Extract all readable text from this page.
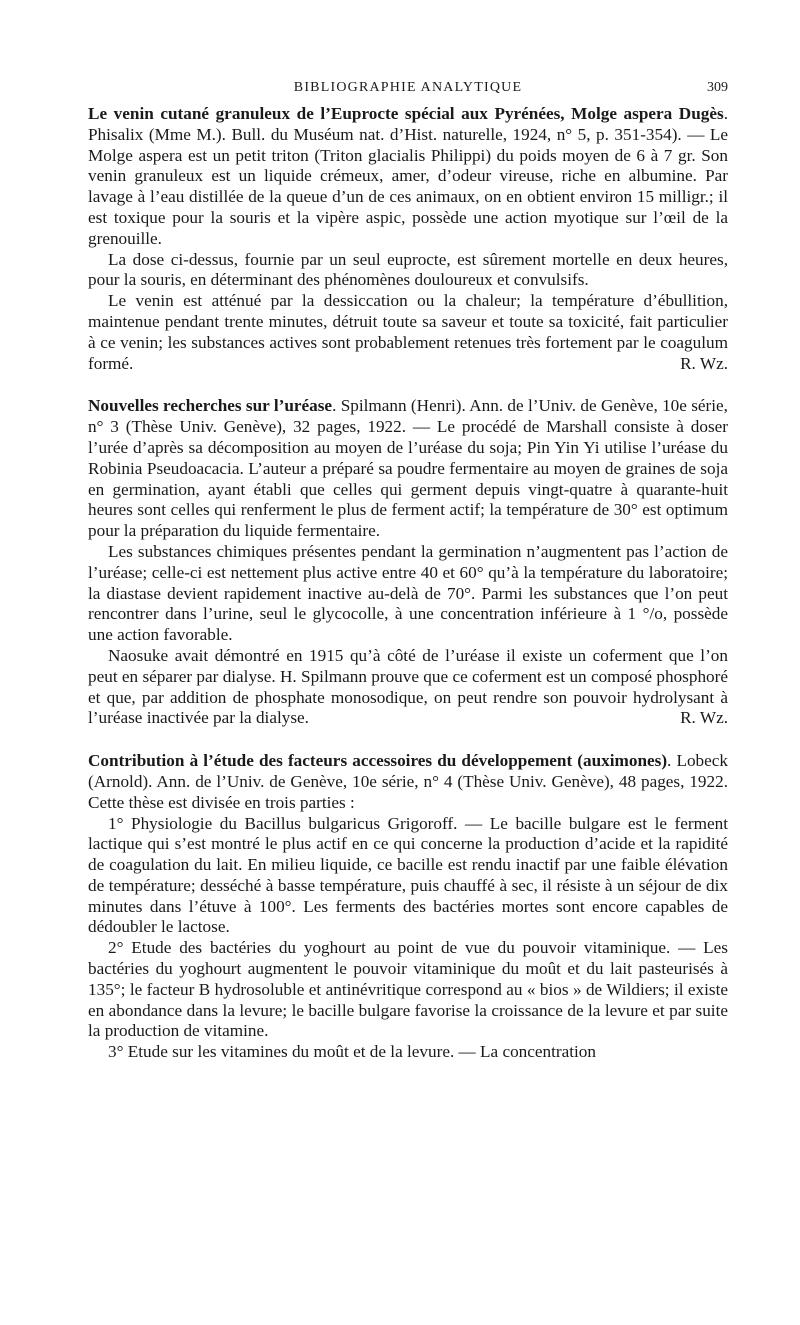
BIBLIOGRAPHIE ANALYTIQUE	309

Le venin cutané granuleux de l’Euprocte spécial aux Pyrénées, Molge aspera Dugès. Phisalix (Mme M.). Bull. du Muséum nat. d’Hist. naturelle, 1924, n° 5, p. 351-354). — Le Molge aspera est un petit triton (Triton glacialis Philippi) du poids moyen de 6 à 7 gr. Son venin granuleux est un liquide crémeux, amer, d’odeur vireuse, riche en albumine. Par lavage à l’eau distillée de la queue d’un de ces animaux, on en obtient environ 15 milligr.; il est toxique pour la souris et la vipère aspic, possède une action myotique sur l’œil de la grenouille.

La dose ci-dessus, fournie par un seul euprocte, est sûrement mortelle en deux heures, pour la souris, en déterminant des phénomènes douloureux et convulsifs.

Le venin est atténué par la dessiccation ou la chaleur; la température d’ébullition, maintenue pendant trente minutes, détruit toute sa saveur et toute sa toxicité, fait particulier à ce venin; les substances actives sont probablement retenues très fortement par le coagulum formé.	R. Wz.

Nouvelles recherches sur l’uréase. Spilmann (Henri). Ann. de l’Univ. de Genève, 10e série, n° 3 (Thèse Univ. Genève), 32 pages, 1922. — Le procédé de Marshall consiste à doser l’urée d’après sa décomposition au moyen de l’uréase du soja; Pin Yin Yi utilise l’uréase du Robinia Pseudoacacia. L’auteur a préparé sa poudre fermentaire au moyen de graines de soja en germination, ayant établi que celles qui germent depuis vingt-quatre à quarante-huit heures sont celles qui renferment le plus de ferment actif; la température de 30° est optimum pour la préparation du liquide fermentaire.

Les substances chimiques présentes pendant la germination n’augmentent pas l’action de l’uréase; celle-ci est nettement plus active entre 40 et 60° qu’à la température du laboratoire; la diastase devient rapidement inactive au-delà de 70°. Parmi les substances que l’on peut rencontrer dans l’urine, seul le glycocolle, à une concentration inférieure à 1 °/o, possède une action favorable.

Naosuke avait démontré en 1915 qu’à côté de l’uréase il existe un coferment que l’on peut en séparer par dialyse. H. Spilmann prouve que ce coferment est un composé phosphoré et que, par addition de phosphate monosodique, on peut rendre son pouvoir hydrolysant à l’uréase inactivée par la dialyse.	R. Wz.

Contribution à l’étude des facteurs accessoires du développement (auximones). Lobeck (Arnold). Ann. de l’Univ. de Genève, 10e série, n° 4 (Thèse Univ. Genève), 48 pages, 1922. Cette thèse est divisée en trois parties :

1° Physiologie du Bacillus bulgaricus Grigoroff. — Le bacille bulgare est le ferment lactique qui s’est montré le plus actif en ce qui concerne la production d’acide et la rapidité de coagulation du lait. En milieu liquide, ce bacille est rendu inactif par une faible élévation de température; desséché à basse température, puis chauffé à sec, il résiste à un séjour de dix minutes dans l’étuve à 100°. Les ferments des bactéries mortes sont encore capables de dédoubler le lactose.

2° Etude des bactéries du yoghourt au point de vue du pouvoir vitaminique. — Les bactéries du yoghourt augmentent le pouvoir vitaminique du moût et du lait pasteurisés à 135°; le facteur B hydrosoluble et antinévritique correspond au « bios » de Wildiers; il existe en abondance dans la levure; le bacille bulgare favorise la croissance de la levure et par suite la production de vitamine.

3° Etude sur les vitamines du moût et de la levure. — La concentration
